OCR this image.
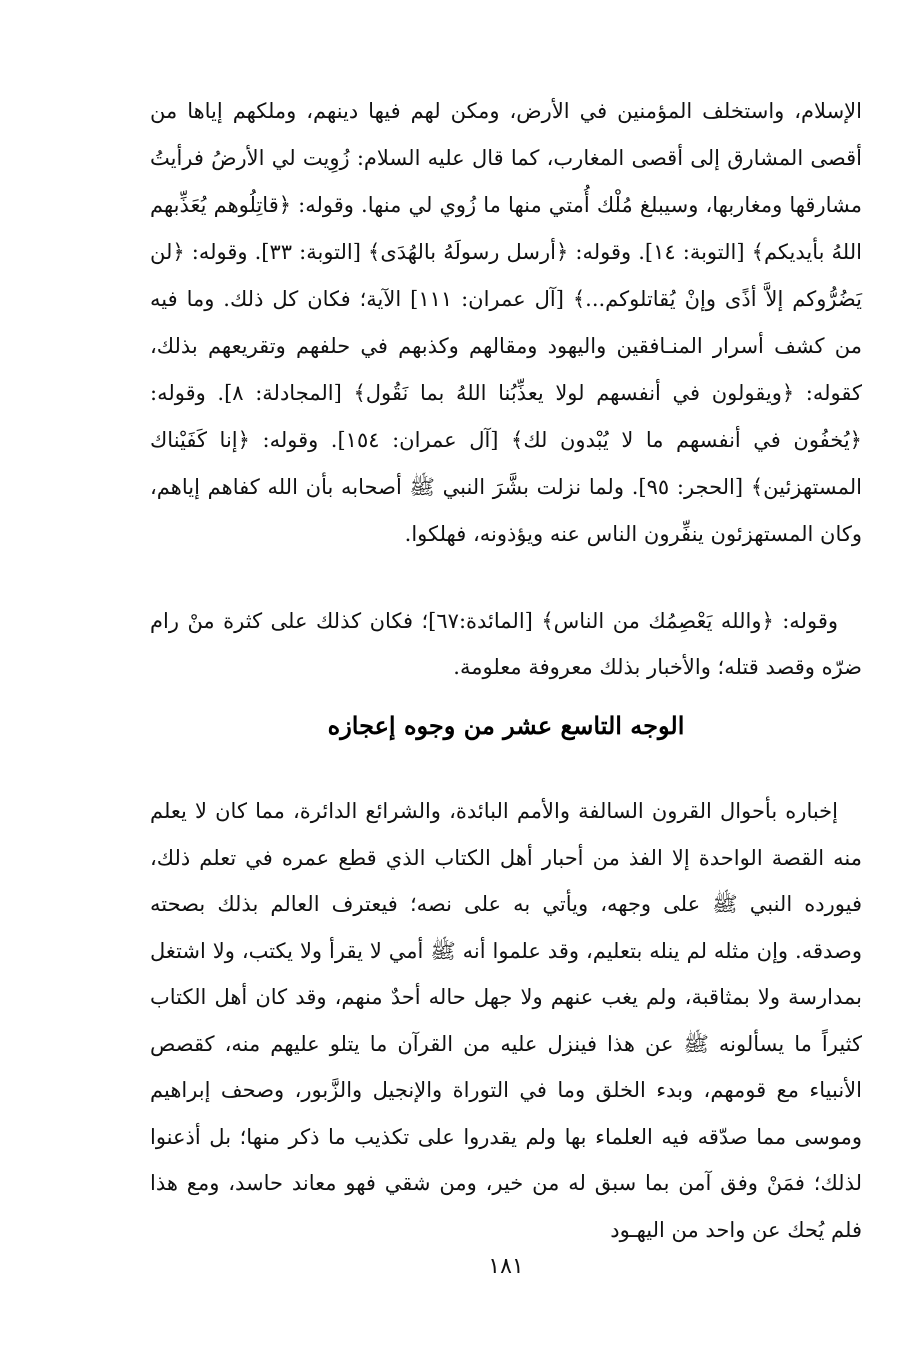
الإسلام، واستخلف المؤمنين في الأرض، ومكن لهم فيها دينهم، وملكهم إياها من أقصى المشارق إلى أقصى المغارب، كما قال عليه السلام: زُوِيت لي الأرضُ فرأيتُ مشارقها ومغاربها، وسيبلغ مُلْك أُمتي منها ما زُوي لي منها. وقوله: ﴿قاتِلُوهم يُعَذِّبهم اللهُ بأيديكم﴾ [التوبة: ١٤]. وقوله: ﴿أرسل رسولَهُ بالهُدَى﴾ [التوبة: ٣٣]. وقوله: ﴿لن يَضُرُّوكم إلاَّ أذًى وإنْ يُقاتلوكم...﴾ [آل عمران: ١١١] الآية؛ فكان كل ذلك. وما فيه من كشف أسرار المنـافقين واليهود ومقالهم وكذبهم في حلفهم وتقريعهم بذلك، كقوله: ﴿ويقولون في أنفسهم لولا يعذِّبُنا اللهُ بما نَقُول﴾ [المجادلة: ٨]. وقوله: ﴿يُخفُون في أنفسهم ما لا يُبْدون لك﴾ [آل عمران: ١٥٤]. وقوله: ﴿إنا كَفَيْناك المستهزئين﴾ [الحجر: ٩٥]. ولما نزلت بشَّرَ النبي ﷺ أصحابه بأن الله كفاهم إياهم، وكان المستهزئون ينفِّرون الناس عنه ويؤذونه، فهلكوا.

وقوله: ﴿والله يَعْصِمُك من الناس﴾ [المائدة:٦٧]؛ فكان كذلك على كثرة منْ رام ضرّه وقصد قتله؛ والأخبار بذلك معروفة معلومة.

الوجه التاسع عشر من وجوه إعجازه

إخباره بأحوال القرون السالفة والأمم البائدة، والشرائع الدائرة، مما كان لا يعلم منه القصة الواحدة إلا الفذ من أحبار أهل الكتاب الذي قطع عمره في تعلم ذلك، فيورده النبي ﷺ على وجهه، ويأتي به على نصه؛ فيعترف العالم بذلك بصحته وصدقه. وإن مثله لم ينله بتعليم، وقد علموا أنه ﷺ أمي لا يقرأ ولا يكتب، ولا اشتغل بمدارسة ولا بمثاقبة، ولم يغب عنهم ولا جهل حاله أحدٌ منهم، وقد كان أهل الكتاب كثيراً ما يسألونه ﷺ عن هذا فينزل عليه من القرآن ما يتلو عليهم منه، كقصص الأنبياء مع قومهم، وبدء الخلق وما في التوراة والإنجيل والزَّبور، وصحف إبراهيم وموسى مما صدّقه فيه العلماء بها ولم يقدروا على تكذيب ما ذكر منها؛ بل أذعنوا لذلك؛ فمَنْ وفق آمن بما سبق له من خير، ومن شقي فهو معاند حاسد، ومع هذا فلم يُحك عن واحد من اليهـود

١٨١
